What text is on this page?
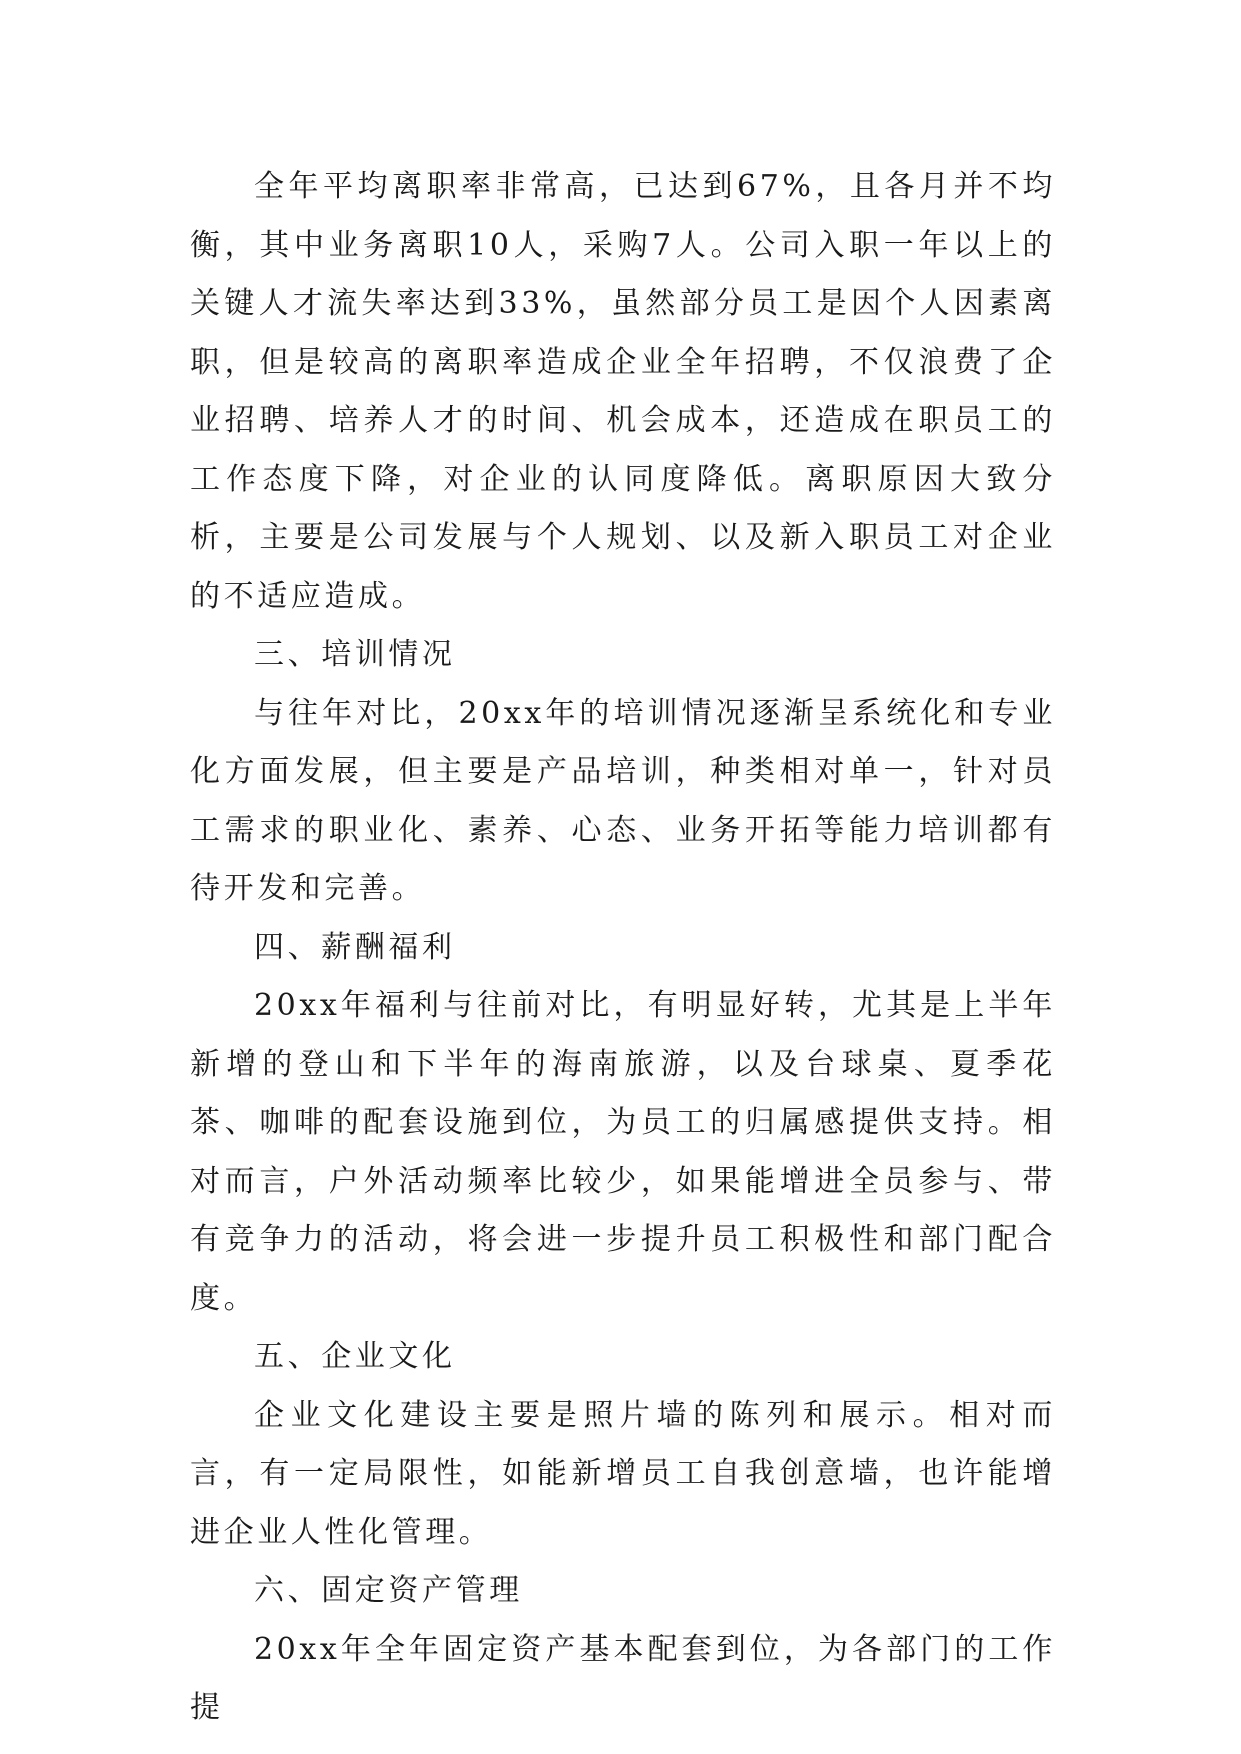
全年平均离职率非常高，已达到67%，且各月并不均衡，其中业务离职10人，采购7人。公司入职一年以上的关键人才流失率达到33%，虽然部分员工是因个人因素离职，但是较高的离职率造成企业全年招聘，不仅浪费了企业招聘、培养人才的时间、机会成本，还造成在职员工的工作态度下降，对企业的认同度降低。离职原因大致分析，主要是公司发展与个人规划、以及新入职员工对企业的不适应造成。

三、培训情况

与往年对比，20xx年的培训情况逐渐呈系统化和专业化方面发展，但主要是产品培训，种类相对单一，针对员工需求的职业化、素养、心态、业务开拓等能力培训都有待开发和完善。

四、薪酬福利

20xx年福利与往前对比，有明显好转，尤其是上半年新增的登山和下半年的海南旅游，以及台球桌、夏季花茶、咖啡的配套设施到位，为员工的归属感提供支持。相对而言，户外活动频率比较少，如果能增进全员参与、带有竞争力的活动，将会进一步提升员工积极性和部门配合度。

五、企业文化

企业文化建设主要是照片墙的陈列和展示。相对而言，有一定局限性，如能新增员工自我创意墙，也许能增进企业人性化管理。

六、固定资产管理

20xx年全年固定资产基本配套到位，为各部门的工作提
